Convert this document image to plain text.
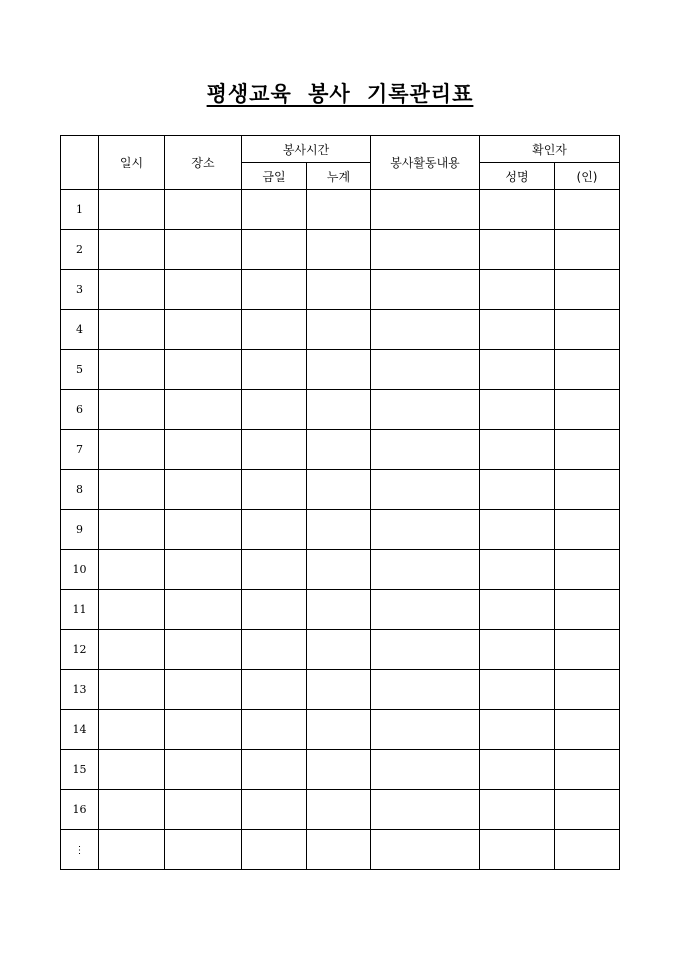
평생교육 봉사 기록관리표
	일시	장소	봉사시간		봉사활동내용	확인자	
			금일	누계		성명	(인)
1							
2							
3							
4							
5							
6							
7							
8							
9							
10							
11							
12							
13							
14							
15							
16							
⋮							
